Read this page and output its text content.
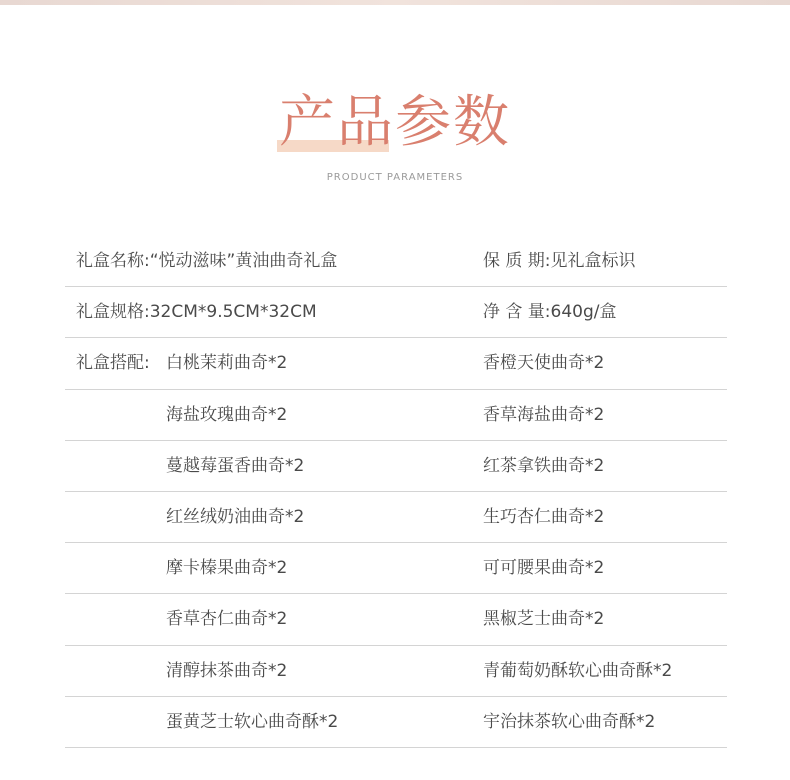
产品参数
PRODUCT PARAMETERS
礼盒名称:“悦动滋味”黄油曲奇礼盒	保 质 期:见礼盒标识
礼盒规格:32CM*9.5CM*32CM	净 含 量:640g/盒
礼盒搭配: 白桃茉莉曲奇*2	香橙天使曲奇*2
海盐玫瑰曲奇*2	香草海盐曲奇*2
蔓越莓蛋香曲奇*2	红茶拿铁曲奇*2
红丝绒奶油曲奇*2	生巧杏仁曲奇*2
摩卡榛果曲奇*2	可可腰果曲奇*2
香草杏仁曲奇*2	黑椒芝士曲奇*2
清醇抹茶曲奇*2	青葡萄奶酥软心曲奇酥*2
蛋黄芝士软心曲奇酥*2	宇治抹茶软心曲奇酥*2
